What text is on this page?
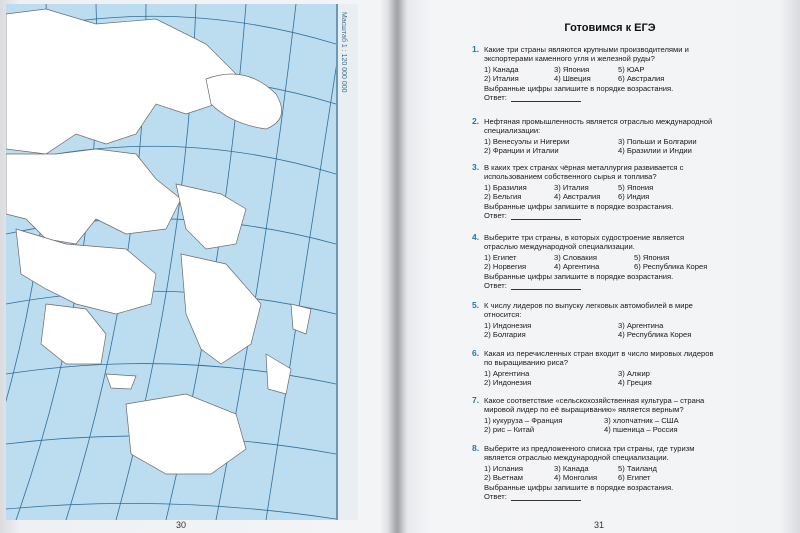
Масштаб 1 : 120 000 000
30
Готовимся к ЕГЭ
1. Какие три страны являются крупными производителями и экспортерами каменного угля и железной руды?
1) Канада
2) Италия
3) Япония
4) Швеция
5) ЮАР
6) Австралия
Выбранные цифры запишите в порядке возрастания.
Ответ:
2. Нефтяная промышленность является отраслью международной специализации:
1) Венесуэлы и Нигерии
2) Франции и Италии
3) Польши и Болгарии
4) Бразилии и Индии
3. В каких трех странах чёрная металлургия развивается с использованием собственного сырья и топлива?
1) Бразилия
2) Бельгия
3) Италия
4) Австралия
5) Япония
6) Индия
Выбранные цифры запишите в порядке возрастания.
Ответ:
4. Выберите три страны, в которых судостроение является отраслью международной специализации.
1) Египет
2) Норвегия
3) Словакия
4) Аргентина
5) Япония
6) Республика Корея
Выбранные цифры запишите в порядке возрастания.
Ответ:
5. К числу лидеров по выпуску легковых автомобилей в мире относится:
1) Индонезия
2) Болгария
3) Аргентина
4) Республика Корея
6. Какая из перечисленных стран входит в число мировых лидеров по выращиванию риса?
1) Аргентина
2) Индонезия
3) Алжир
4) Греция
7. Какое соответствие «сельскохозяйственная культура – страна мировой лидер по её выращиванию» является верным?
1) кукуруза – Франция
2) рис – Китай
3) хлопчатник – США
4) пшеница – Россия
8. Выберите из предложенного списка три страны, где туризм является отраслью международной специализации.
1) Испания
2) Вьетнам
3) Канада
4) Монголия
5) Таиланд
6) Египет
Выбранные цифры запишите в порядке возрастания.
Ответ:
31
